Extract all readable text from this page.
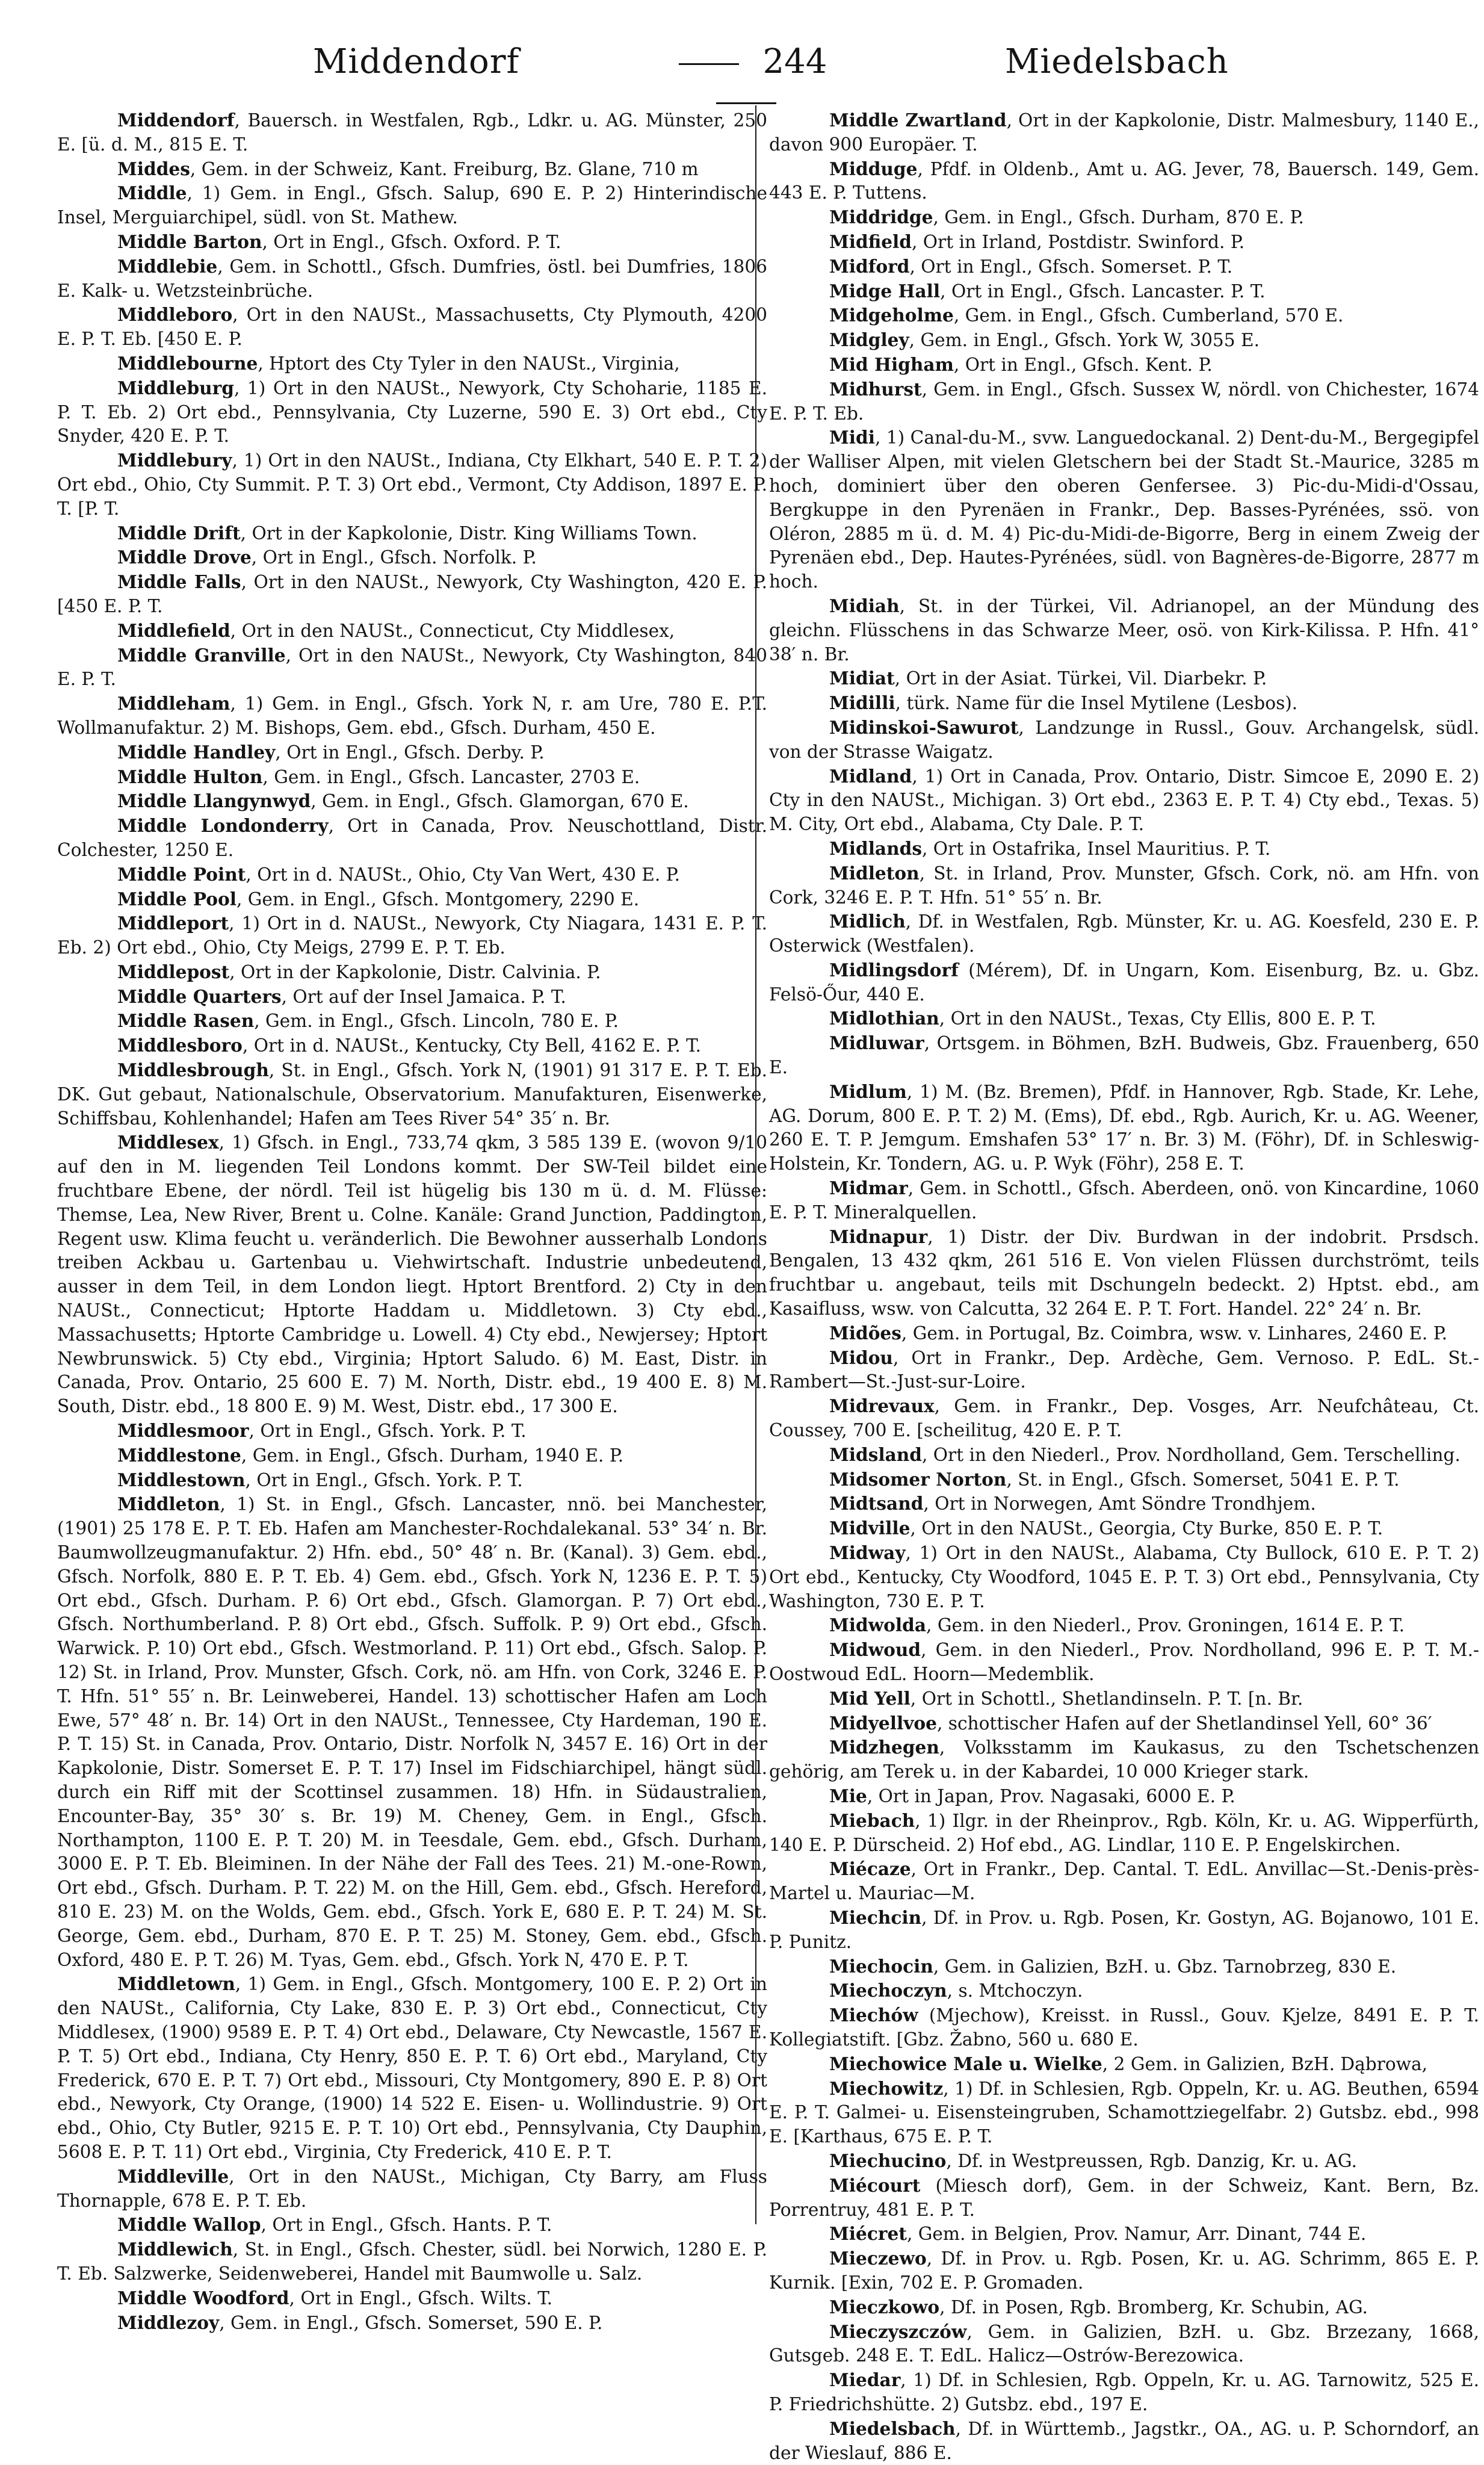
Middendorf	244	Miedelsbach

Middendorf, Bauersch. in Westfalen, Rgb., Ldkr. u. AG. Münster, 250 E. [ü. d. M., 815 E. T.

Middes, Gem. in der Schweiz, Kant. Freiburg, Bz. Glane, 710 m

Middle, 1) Gem. in Engl., Gfsch. Salup, 690 E. P. 2) Hinterindische Insel, Merguiarchipel, südl. von St. Mathew.

Middle Barton, Ort in Engl., Gfsch. Oxford. P. T.

Middlebie, Gem. in Schottl., Gfsch. Dumfries, östl. bei Dumfries, 1806 E. Kalk- u. Wetzsteinbrüche.

Middleboro, Ort in den NAUSt., Massachusetts, Cty Plymouth, 4200 E. P. T. Eb. [450 E. P.

Middlebourne, Hptort des Cty Tyler in den NAUSt., Virginia,

Middleburg, 1) Ort in den NAUSt., Newyork, Cty Schoharie, 1185 E. P. T. Eb. 2) Ort ebd., Pennsylvania, Cty Luzerne, 590 E. 3) Ort ebd., Cty Snyder, 420 E. P. T.

Middlebury, 1) Ort in den NAUSt., Indiana, Cty Elkhart, 540 E. P. T. 2) Ort ebd., Ohio, Cty Summit. P. T. 3) Ort ebd., Vermont, Cty Addison, 1897 E. P. T. [P. T.

Middle Drift, Ort in der Kapkolonie, Distr. King Williams Town.

Middle Drove, Ort in Engl., Gfsch. Norfolk. P.

Middle Falls, Ort in den NAUSt., Newyork, Cty Washington, 420 E. P. [450 E. P. T.

Middlefield, Ort in den NAUSt., Connecticut, Cty Middlesex,

Middle Granville, Ort in den NAUSt., Newyork, Cty Washington, 840 E. P. T.

Middleham, 1) Gem. in Engl., Gfsch. York N, r. am Ure, 780 E. P.T. Wollmanufaktur. 2) M. Bishops, Gem. ebd., Gfsch. Durham, 450 E.

Middle Handley, Ort in Engl., Gfsch. Derby. P.

Middle Hulton, Gem. in Engl., Gfsch. Lancaster, 2703 E.

Middle Llangynwyd, Gem. in Engl., Gfsch. Glamorgan, 670 E.

Middle Londonderry, Ort in Canada, Prov. Neuschottland, Distr. Colchester, 1250 E.

Middle Point, Ort in d. NAUSt., Ohio, Cty Van Wert, 430 E. P.

Middle Pool, Gem. in Engl., Gfsch. Montgomery, 2290 E.

Middleport, 1) Ort in d. NAUSt., Newyork, Cty Niagara, 1431 E. P. T. Eb. 2) Ort ebd., Ohio, Cty Meigs, 2799 E. P. T. Eb.

Middlepost, Ort in der Kapkolonie, Distr. Calvinia. P.

Middle Quarters, Ort auf der Insel Jamaica. P. T.

Middle Rasen, Gem. in Engl., Gfsch. Lincoln, 780 E. P.

Middlesboro, Ort in d. NAUSt., Kentucky, Cty Bell, 4162 E. P. T.

Middlesbrough, St. in Engl., Gfsch. York N, (1901) 91 317 E. P. T. Eb. DK. Gut gebaut, Nationalschule, Observatorium. Manufakturen, Eisenwerke, Schiffsbau, Kohlenhandel; Hafen am Tees River 54° 35′ n. Br.

Middlesex, 1) Gfsch. in Engl., 733,74 qkm, 3 585 139 E. (wovon 9/10 auf den in M. liegenden Teil Londons kommt. Der SW-Teil bildet eine fruchtbare Ebene, der nördl. Teil ist hügelig bis 130 m ü. d. M. Flüsse: Themse, Lea, New River, Brent u. Colne. Kanäle: Grand Junction, Paddington, Regent usw. Klima feucht u. veränderlich. Die Bewohner ausserhalb Londons treiben Ackbau u. Gartenbau u. Viehwirtschaft. Industrie unbedeutend, ausser in dem Teil, in dem London liegt. Hptort Brentford. 2) Cty in den NAUSt., Connecticut; Hptorte Haddam u. Middletown. 3) Cty ebd., Massachusetts; Hptorte Cambridge u. Lowell. 4) Cty ebd., Newjersey; Hptort Newbrunswick. 5) Cty ebd., Virginia; Hptort Saludo. 6) M. East, Distr. in Canada, Prov. Ontario, 25 600 E. 7) M. North, Distr. ebd., 19 400 E. 8) M. South, Distr. ebd., 18 800 E. 9) M. West, Distr. ebd., 17 300 E.

Middlesmoor, Ort in Engl., Gfsch. York. P. T.

Middlestone, Gem. in Engl., Gfsch. Durham, 1940 E. P.

Middlestown, Ort in Engl., Gfsch. York. P. T.

Middleton, 1) St. in Engl., Gfsch. Lancaster, nnö. bei Manchester, (1901) 25 178 E. P. T. Eb. Hafen am Manchester-Rochdalekanal. 53° 34′ n. Br. Baumwollzeugmanufaktur. 2) Hfn. ebd., 50° 48′ n. Br. (Kanal). 3) Gem. ebd., Gfsch. Norfolk, 880 E. P. T. Eb. 4) Gem. ebd., Gfsch. York N, 1236 E. P. T. 5) Ort ebd., Gfsch. Durham. P. 6) Ort ebd., Gfsch. Glamorgan. P. 7) Ort ebd., Gfsch. Northumberland. P. 8) Ort ebd., Gfsch. Suffolk. P. 9) Ort ebd., Gfsch. Warwick. P. 10) Ort ebd., Gfsch. Westmorland. P. 11) Ort ebd., Gfsch. Salop. P. 12) St. in Irland, Prov. Munster, Gfsch. Cork, nö. am Hfn. von Cork, 3246 E. P. T. Hfn. 51° 55′ n. Br. Leinweberei, Handel. 13) schottischer Hafen am Loch Ewe, 57° 48′ n. Br. 14) Ort in den NAUSt., Tennessee, Cty Hardeman, 190 E. P. T. 15) St. in Canada, Prov. Ontario, Distr. Norfolk N, 3457 E. 16) Ort in der Kapkolonie, Distr. Somerset E. P. T. 17) Insel im Fidschiarchipel, hängt südl. durch ein Riff mit der Scottinsel zusammen. 18) Hfn. in Südaustralien, Encounter-Bay, 35° 30′ s. Br. 19) M. Cheney, Gem. in Engl., Gfsch. Northampton, 1100 E. P. T. 20) M. in Teesdale, Gem. ebd., Gfsch. Durham, 3000 E. P. T. Eb. Bleiminen. In der Nähe der Fall des Tees. 21) M.-one-Rown, Ort ebd., Gfsch. Durham. P. T. 22) M. on the Hill, Gem. ebd., Gfsch. Hereford, 810 E. 23) M. on the Wolds, Gem. ebd., Gfsch. York E, 680 E. P. T. 24) M. St. George, Gem. ebd., Durham, 870 E. P. T. 25) M. Stoney, Gem. ebd., Gfsch. Oxford, 480 E. P. T. 26) M. Tyas, Gem. ebd., Gfsch. York N, 470 E. P. T.

Middletown, 1) Gem. in Engl., Gfsch. Montgomery, 100 E. P. 2) Ort in den NAUSt., California, Cty Lake, 830 E. P. 3) Ort ebd., Connecticut, Cty Middlesex, (1900) 9589 E. P. T. 4) Ort ebd., Delaware, Cty Newcastle, 1567 E. P. T. 5) Ort ebd., Indiana, Cty Henry, 850 E. P. T. 6) Ort ebd., Maryland, Cty Frederick, 670 E. P. T. 7) Ort ebd., Missouri, Cty Montgomery, 890 E. P. 8) Ort ebd., Newyork, Cty Orange, (1900) 14 522 E. Eisen- u. Wollindustrie. 9) Ort ebd., Ohio, Cty Butler, 9215 E. P. T. 10) Ort ebd., Pennsylvania, Cty Dauphin, 5608 E. P. T. 11) Ort ebd., Virginia, Cty Frederick, 410 E. P. T.

Middleville, Ort in den NAUSt., Michigan, Cty Barry, am Fluss Thornapple, 678 E. P. T. Eb.

Middle Wallop, Ort in Engl., Gfsch. Hants. P. T.

Middlewich, St. in Engl., Gfsch. Chester, südl. bei Norwich, 1280 E. P. T. Eb. Salzwerke, Seidenweberei, Handel mit Baumwolle u. Salz.

Middle Woodford, Ort in Engl., Gfsch. Wilts. T.

Middlezoy, Gem. in Engl., Gfsch. Somerset, 590 E. P.

Middle Zwartland, Ort in der Kapkolonie, Distr. Malmesbury, 1140 E., davon 900 Europäer. T.

Midduge, Pfdf. in Oldenb., Amt u. AG. Jever, 78, Bauersch. 149, Gem. 443 E. P. Tuttens.

Middridge, Gem. in Engl., Gfsch. Durham, 870 E. P.

Midfield, Ort in Irland, Postdistr. Swinford. P.

Midford, Ort in Engl., Gfsch. Somerset. P. T.

Midge Hall, Ort in Engl., Gfsch. Lancaster. P. T.

Midgeholme, Gem. in Engl., Gfsch. Cumberland, 570 E.

Midgley, Gem. in Engl., Gfsch. York W, 3055 E.

Mid Higham, Ort in Engl., Gfsch. Kent. P.

Midhurst, Gem. in Engl., Gfsch. Sussex W, nördl. von Chichester, 1674 E. P. T. Eb.

Midi, 1) Canal-du-M., svw. Languedockanal. 2) Dent-du-M., Bergegipfel der Walliser Alpen, mit vielen Gletschern bei der Stadt St.-Maurice, 3285 m hoch, dominiert über den oberen Genfersee. 3) Pic-du-Midi-d'Ossau, Bergkuppe in den Pyrenäen in Frankr., Dep. Basses-Pyrénées, ssö. von Oléron, 2885 m ü. d. M. 4) Pic-du-Midi-de-Bigorre, Berg in einem Zweig der Pyrenäen ebd., Dep. Hautes-Pyrénées, südl. von Bagnères-de-Bigorre, 2877 m hoch.

Midiah, St. in der Türkei, Vil. Adrianopel, an der Mündung des gleichn. Flüsschens in das Schwarze Meer, osö. von Kirk-Kilissa. P. Hfn. 41° 38′ n. Br.

Midiat, Ort in der Asiat. Türkei, Vil. Diarbekr. P.

Midilli, türk. Name für die Insel Mytilene (Lesbos).

Midinskoi-Sawurot, Landzunge in Russl., Gouv. Archangelsk, südl. von der Strasse Waigatz.

Midland, 1) Ort in Canada, Prov. Ontario, Distr. Simcoe E, 2090 E. 2) Cty in den NAUSt., Michigan. 3) Ort ebd., 2363 E. P. T. 4) Cty ebd., Texas. 5) M. City, Ort ebd., Alabama, Cty Dale. P. T.

Midlands, Ort in Ostafrika, Insel Mauritius. P. T.

Midleton, St. in Irland, Prov. Munster, Gfsch. Cork, nö. am Hfn. von Cork, 3246 E. P. T. Hfn. 51° 55′ n. Br.

Midlich, Df. in Westfalen, Rgb. Münster, Kr. u. AG. Koesfeld, 230 E. P. Osterwick (Westfalen).

Midlingsdorf (Mérem), Df. in Ungarn, Kom. Eisenburg, Bz. u. Gbz. Felsö-Őur, 440 E.

Midlothian, Ort in den NAUSt., Texas, Cty Ellis, 800 E. P. T.

Midluwar, Ortsgem. in Böhmen, BzH. Budweis, Gbz. Frauenberg, 650 E.

Midlum, 1) M. (Bz. Bremen), Pfdf. in Hannover, Rgb. Stade, Kr. Lehe, AG. Dorum, 800 E. P. T. 2) M. (Ems), Df. ebd., Rgb. Aurich, Kr. u. AG. Weener, 260 E. T. P. Jemgum. Emshafen 53° 17′ n. Br. 3) M. (Föhr), Df. in Schleswig-Holstein, Kr. Tondern, AG. u. P. Wyk (Föhr), 258 E. T.

Midmar, Gem. in Schottl., Gfsch. Aberdeen, onö. von Kincardine, 1060 E. P. T. Mineralquellen.

Midnapur, 1) Distr. der Div. Burdwan in der indobrit. Prsdsch. Bengalen, 13 432 qkm, 261 516 E. Von vielen Flüssen durchströmt, teils fruchtbar u. angebaut, teils mit Dschungeln bedeckt. 2) Hptst. ebd., am Kasaifluss, wsw. von Calcutta, 32 264 E. P. T. Fort. Handel. 22° 24′ n. Br.

Midões, Gem. in Portugal, Bz. Coimbra, wsw. v. Linhares, 2460 E. P.

Midou, Ort in Frankr., Dep. Ardèche, Gem. Vernoso. P. EdL. St.-Rambert—St.-Just-sur-Loire.

Midrevaux, Gem. in Frankr., Dep. Vosges, Arr. Neufchâteau, Ct. Coussey, 700 E. [scheilitug, 420 E. P. T.

Midsland, Ort in den Niederl., Prov. Nordholland, Gem. Terschelling.

Midsomer Norton, St. in Engl., Gfsch. Somerset, 5041 E. P. T.

Midtsand, Ort in Norwegen, Amt Söndre Trondhjem.

Midville, Ort in den NAUSt., Georgia, Cty Burke, 850 E. P. T.

Midway, 1) Ort in den NAUSt., Alabama, Cty Bullock, 610 E. P. T. 2) Ort ebd., Kentucky, Cty Woodford, 1045 E. P. T. 3) Ort ebd., Pennsylvania, Cty Washington, 730 E. P. T.

Midwolda, Gem. in den Niederl., Prov. Groningen, 1614 E. P. T.

Midwoud, Gem. in den Niederl., Prov. Nordholland, 996 E. P. T. M.-Oostwoud EdL. Hoorn—Medemblik.

Mid Yell, Ort in Schottl., Shetlandinseln. P. T. [n. Br.

Midyellvoe, schottischer Hafen auf der Shetlandinsel Yell, 60° 36′

Midzhegen, Volksstamm im Kaukasus, zu den Tschetschenzen gehörig, am Terek u. in der Kabardei, 10 000 Krieger stark.

Mie, Ort in Japan, Prov. Nagasaki, 6000 E. P.

Miebach, 1) Ilgr. in der Rheinprov., Rgb. Köln, Kr. u. AG. Wipperfürth, 140 E. P. Dürscheid. 2) Hof ebd., AG. Lindlar, 110 E. P. Engelskirchen.

Miécaze, Ort in Frankr., Dep. Cantal. T. EdL. Anvillac—St.-Denis-près-Martel u. Mauriac—M.

Miechcin, Df. in Prov. u. Rgb. Posen, Kr. Gostyn, AG. Bojanowo, 101 E. P. Punitz.

Miechocin, Gem. in Galizien, BzH. u. Gbz. Tarnobrzeg, 830 E.

Miechoczyn, s. Mtchoczyn.

Miechów (Mjechow), Kreisst. in Russl., Gouv. Kjelze, 8491 E. P. T. Kollegiatstift. [Gbz. Žabno, 560 u. 680 E.

Miechowice Male u. Wielke, 2 Gem. in Galizien, BzH. Dąbrowa,

Miechowitz, 1) Df. in Schlesien, Rgb. Oppeln, Kr. u. AG. Beuthen, 6594 E. P. T. Galmei- u. Eisensteingruben, Schamottziegelfabr. 2) Gutsbz. ebd., 998 E. [Karthaus, 675 E. P. T.

Miechucino, Df. in Westpreussen, Rgb. Danzig, Kr. u. AG.

Miécourt (Miesch dorf), Gem. in der Schweiz, Kant. Bern, Bz. Porrentruy, 481 E. P. T.

Miécret, Gem. in Belgien, Prov. Namur, Arr. Dinant, 744 E.

Mieczewo, Df. in Prov. u. Rgb. Posen, Kr. u. AG. Schrimm, 865 E. P. Kurnik. [Exin, 702 E. P. Gromaden.

Mieczkowo, Df. in Posen, Rgb. Bromberg, Kr. Schubin, AG.

Mieczyszczów, Gem. in Galizien, BzH. u. Gbz. Brzezany, 1668, Gutsgeb. 248 E. T. EdL. Halicz—Ostrów-Berezowica.

Miedar, 1) Df. in Schlesien, Rgb. Oppeln, Kr. u. AG. Tarnowitz, 525 E. P. Friedrichshütte. 2) Gutsbz. ebd., 197 E.

Miedelsbach, Df. in Württemb., Jagstkr., OA., AG. u. P. Schorndorf, an der Wieslauf, 886 E.
